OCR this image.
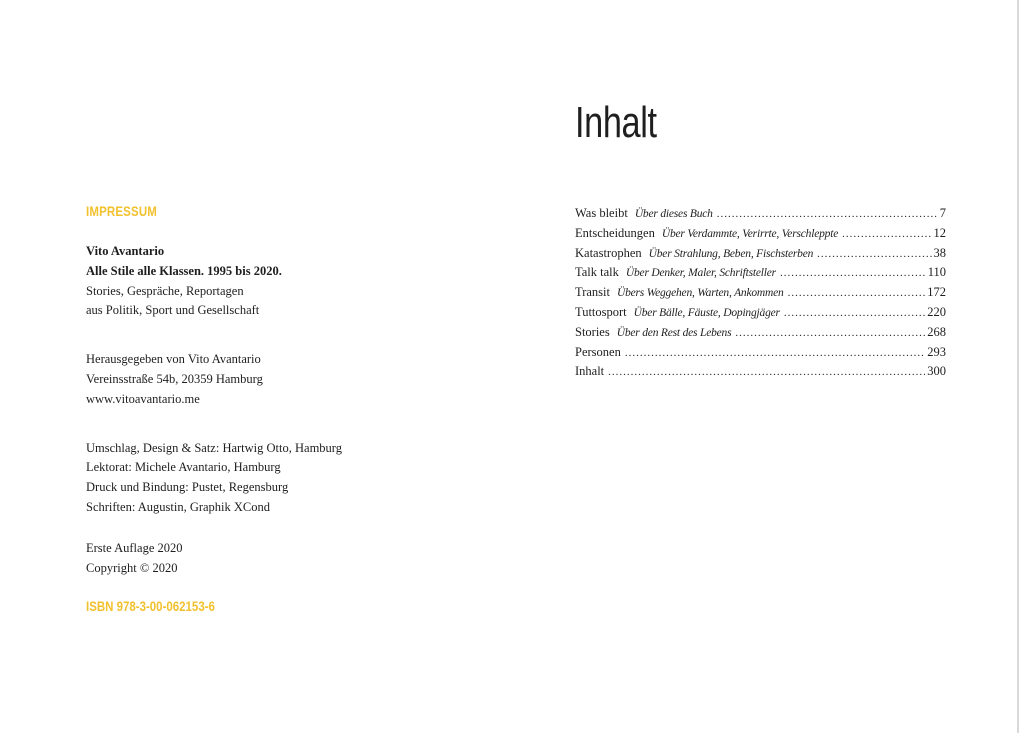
IMPRESSUM
Vito Avantario
Alle Stile alle Klassen. 1995 bis 2020.
Stories, Gespräche, Reportagen
aus Politik, Sport und Gesellschaft
Herausgegeben von Vito Avantario
Vereinsstraße 54b, 20359 Hamburg
www.vitoavantario.me
Umschlag, Design & Satz: Hartwig Otto, Hamburg
Lektorat: Michele Avantario, Hamburg
Druck und Bindung: Pustet, Regensburg
Schriften: Augustin, Graphik XCond
Erste Auflage 2020
Copyright © 2020
ISBN 978-3-00-062153-6
Inhalt
Was bleibt Über dieses Buch .....	7
Entscheidungen Über Verdammte, Verirrte, Verschleppte .....	12
Katastrophen Über Strahlung, Beben, Fischsterben .....	38
Talk talk Über Denker, Maler, Schriftsteller .....	110
Transit Übers Weggehen, Warten, Ankommen .....	172
Tuttosport Über Bälle, Fäuste, Dopingjäger .....	220
Stories Über den Rest des Lebens .....	268
Personen .....	293
Inhalt .....	300
